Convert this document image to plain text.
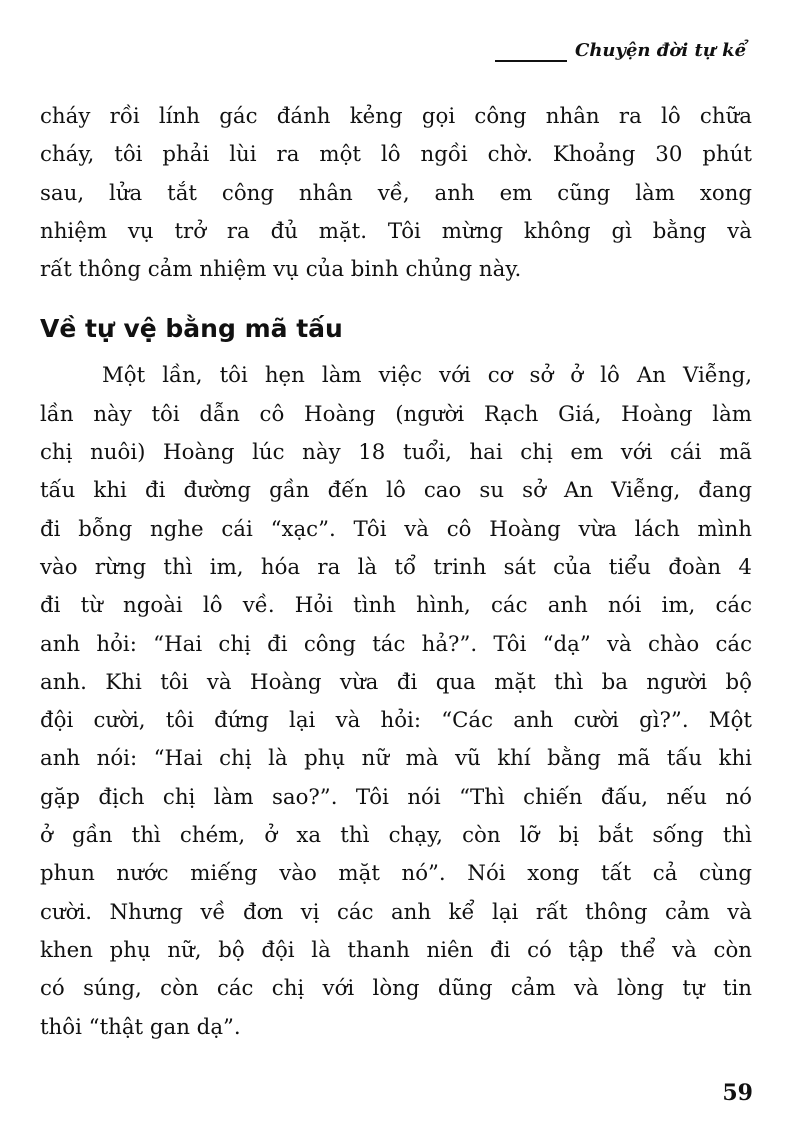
Chuyện đời tự kể
cháy rồi lính gác đánh kẻng gọi công nhân ra lô chữa
cháy, tôi phải lùi ra một lô ngồi chờ. Khoảng 30 phút
sau, lửa tắt công nhân về, anh em cũng làm xong
nhiệm vụ trở ra đủ mặt. Tôi mừng không gì bằng và
rất thông cảm nhiệm vụ của binh chủng này.
Về tự vệ bằng mã tấu
Một lần, tôi hẹn làm việc với cơ sở ở lô An Viễng,
lần này tôi dẫn cô Hoàng (người Rạch Giá, Hoàng làm
chị nuôi) Hoàng lúc này 18 tuổi, hai chị em với cái mã
tấu khi đi đường gần đến lô cao su sở An Viễng, đang
đi bỗng nghe cái “xạc”. Tôi và cô Hoàng vừa lách mình
vào rừng thì im, hóa ra là tổ trinh sát của tiểu đoàn 4
đi từ ngoài lô về. Hỏi tình hình, các anh nói im, các
anh hỏi: “Hai chị đi công tác hả?”. Tôi “dạ” và chào các
anh. Khi tôi và Hoàng vừa đi qua mặt thì ba người bộ
đội cười, tôi đứng lại và hỏi: “Các anh cười gì?”. Một
anh nói: “Hai chị là phụ nữ mà vũ khí bằng mã tấu khi
gặp địch chị làm sao?”. Tôi nói “Thì chiến đấu, nếu nó
ở gần thì chém, ở xa thì chạy, còn lỡ bị bắt sống thì
phun nước miếng vào mặt nó”. Nói xong tất cả cùng
cười. Nhưng về đơn vị các anh kể lại rất thông cảm và
khen phụ nữ, bộ đội là thanh niên đi có tập thể và còn
có súng, còn các chị với lòng dũng cảm và lòng tự tin
thôi “thật gan dạ”.
59
